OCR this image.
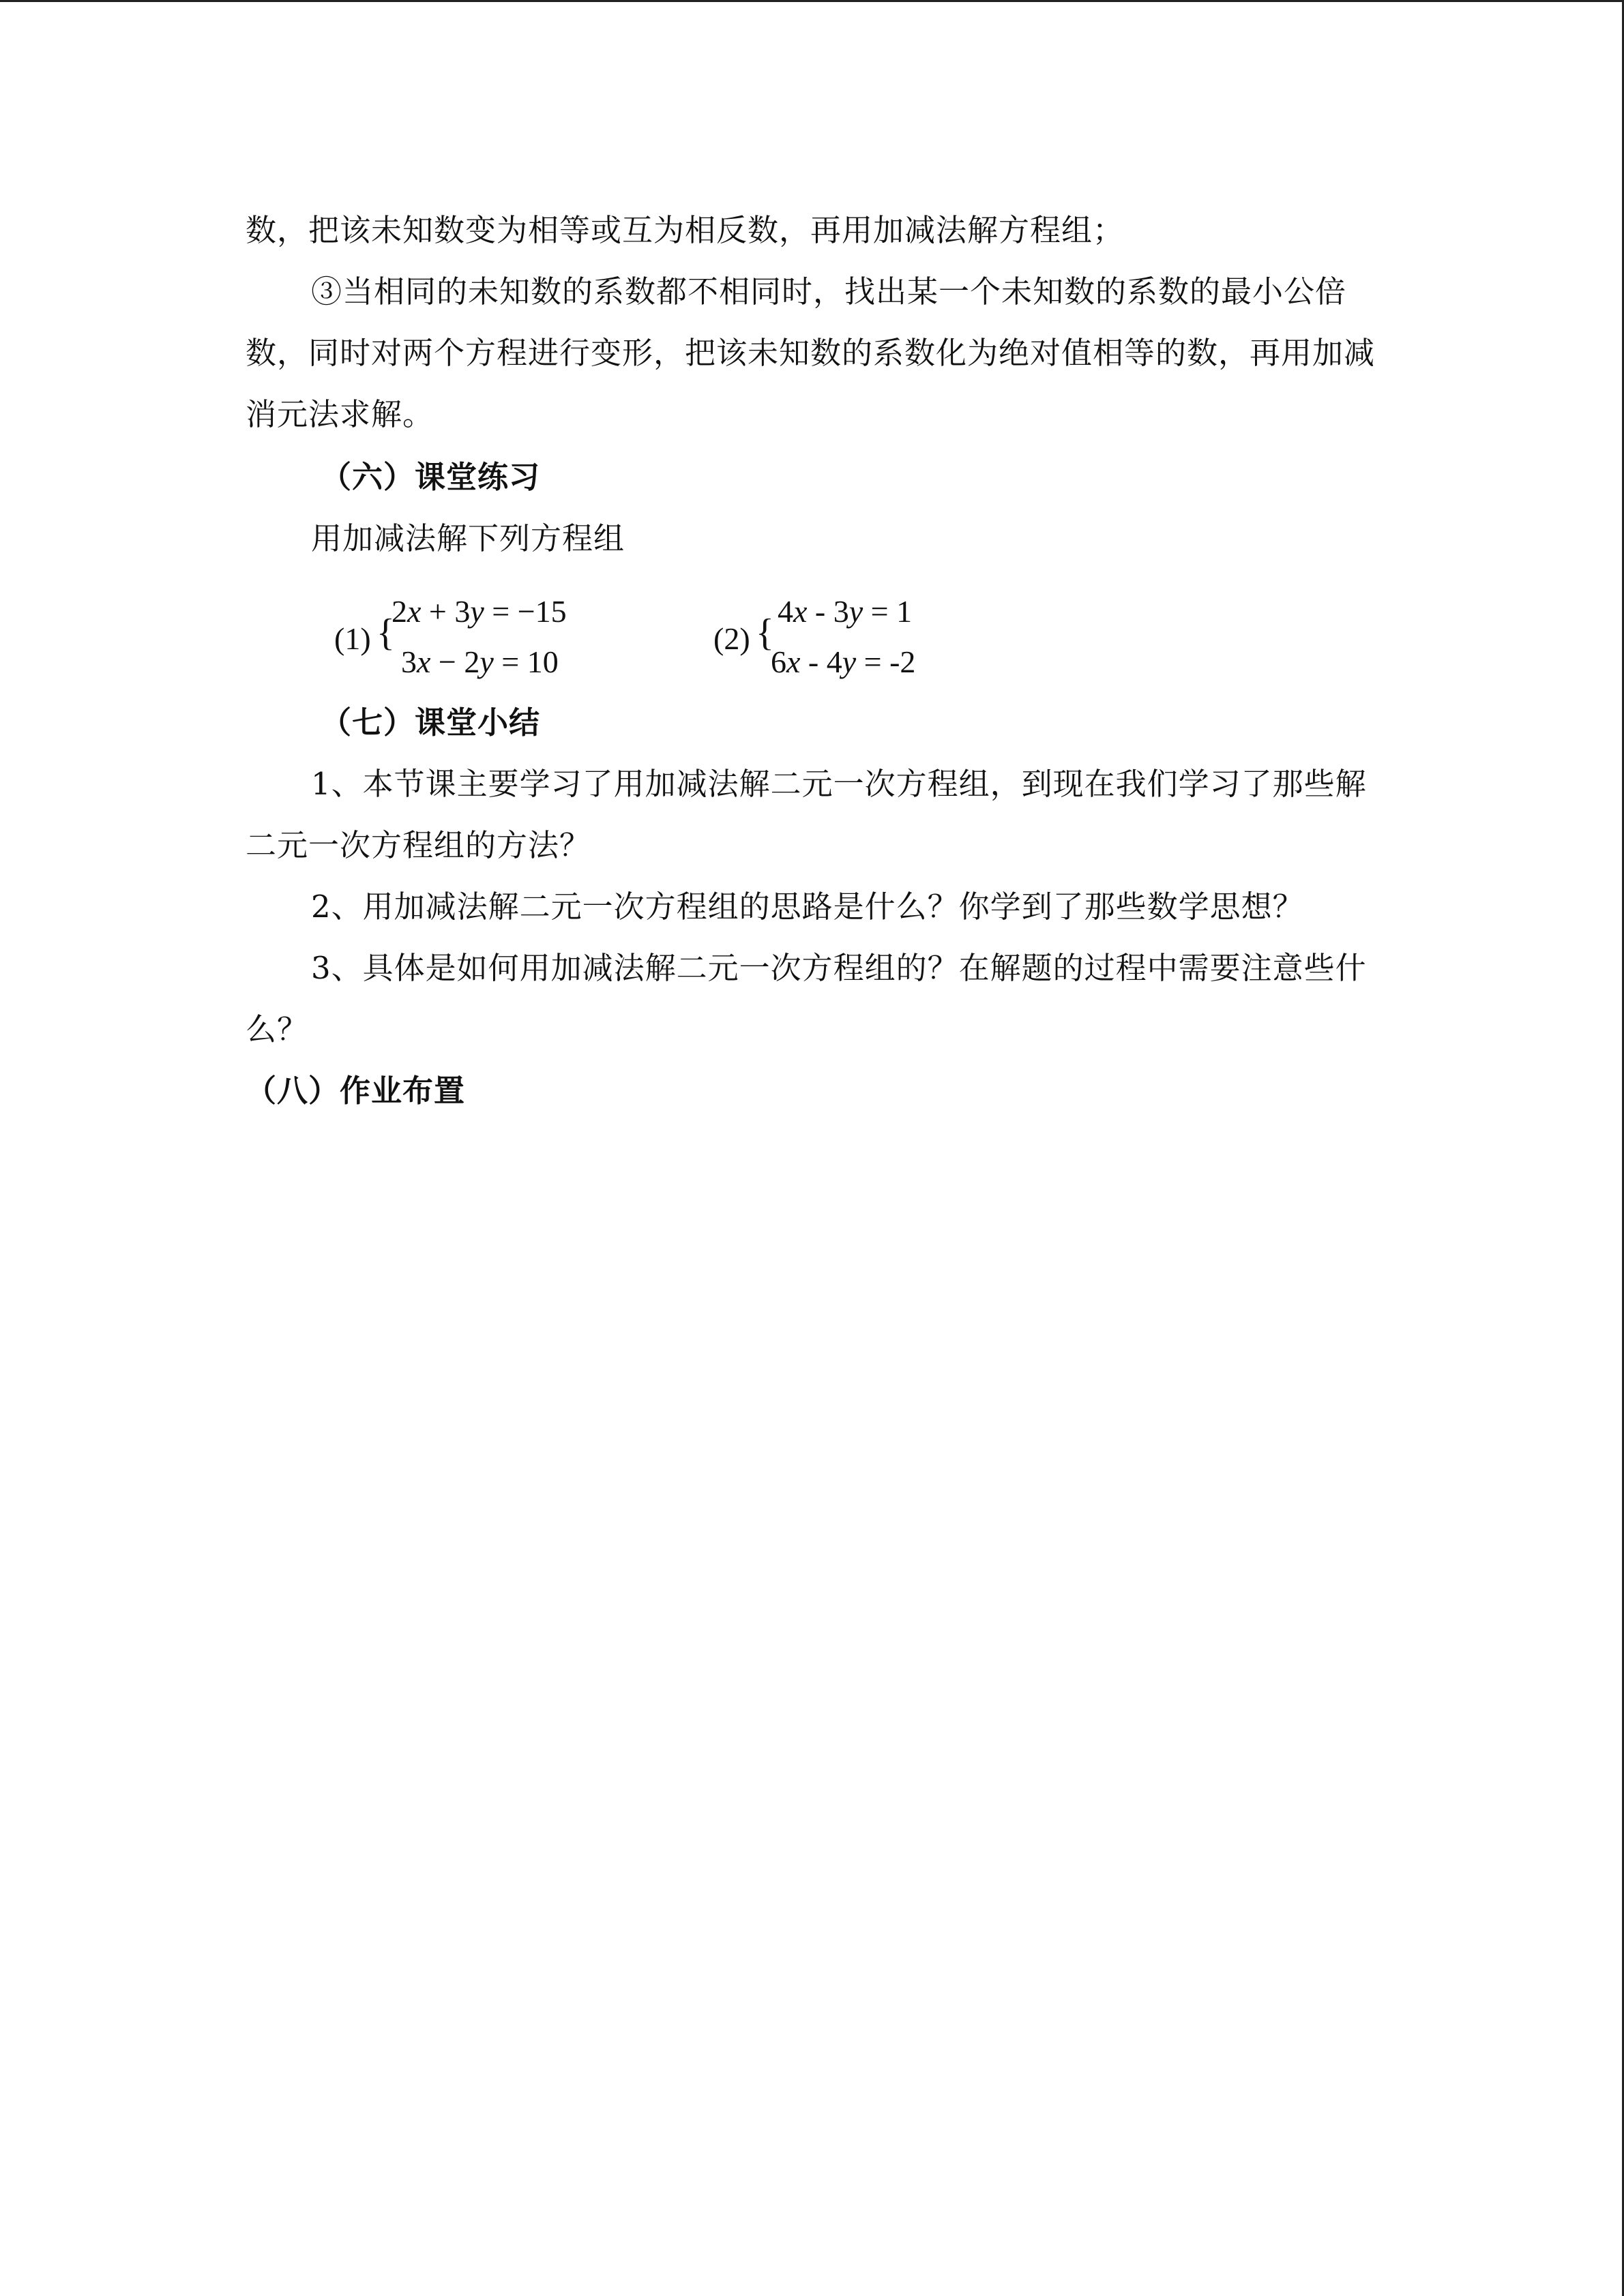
数，把该未知数变为相等或互为相反数，再用加减法解方程组；
③当相同的未知数的系数都不相同时，找出某一个未知数的系数的最小公倍
数，同时对两个方程进行变形，把该未知数的系数化为绝对值相等的数，再用加减
消元法求解。
（六）课堂练习
用加减法解下列方程组
(1) {
2x + 3y = −15
3x − 2y = 10
(2) {
4x - 3y = 1
6x - 4y = -2
（七）课堂小结
1、本节课主要学习了用加减法解二元一次方程组，到现在我们学习了那些解
二元一次方程组的方法？
2、用加减法解二元一次方程组的思路是什么？你学到了那些数学思想？
3、具体是如何用加减法解二元一次方程组的？在解题的过程中需要注意些什
么？
（八）作业布置
